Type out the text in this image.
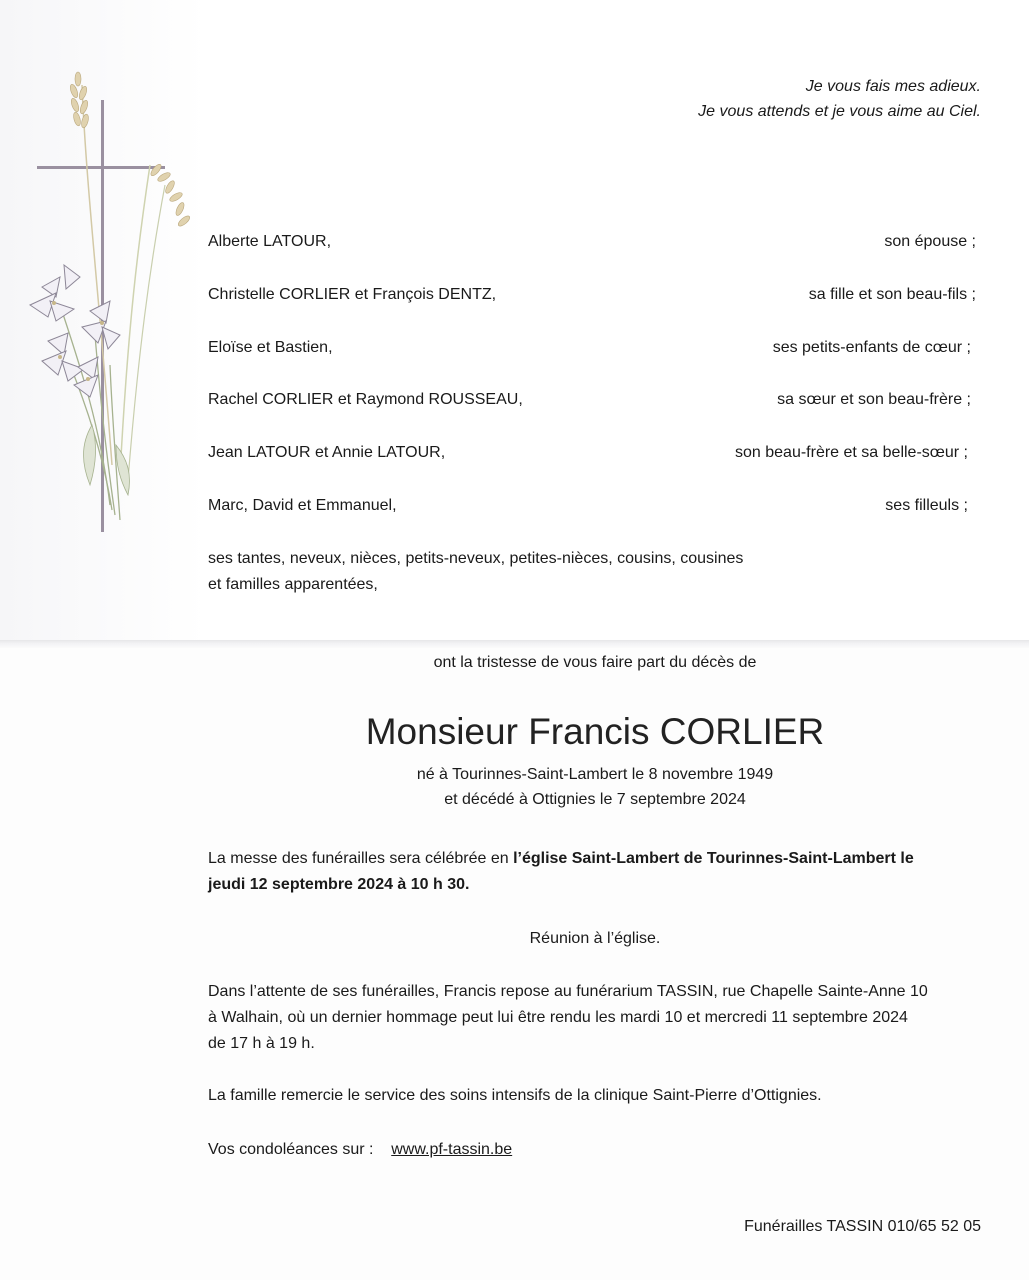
Je vous fais mes adieux.
Je vous attends et je vous aime au Ciel.
Alberte LATOUR,	son épouse ;
Christelle CORLIER et François DENTZ,	sa fille et son beau-fils ;
Eloïse et Bastien,	ses petits-enfants de cœur ;
Rachel CORLIER et Raymond ROUSSEAU,	sa sœur et son beau-frère ;
Jean LATOUR et Annie LATOUR,	son beau-frère et sa belle-sœur ;
Marc, David et Emmanuel,	ses filleuls ;
ses tantes, neveux, nièces, petits-neveux, petites-nièces, cousins, cousines
et familles apparentées,
ont la tristesse de vous faire part du décès de
Monsieur Francis CORLIER
né à Tourinnes-Saint-Lambert le 8 novembre 1949
et décédé à Ottignies le 7 septembre 2024
La messe des funérailles sera célébrée en l’église Saint-Lambert de Tourinnes-Saint-Lambert le
jeudi 12 septembre 2024 à 10 h 30.
Réunion à l’église.
Dans l’attente de ses funérailles, Francis repose au funérarium TASSIN, rue Chapelle Sainte-Anne 10
à Walhain, où un dernier hommage peut lui être rendu les mardi 10 et mercredi 11 septembre 2024
de 17 h à 19 h.
La famille remercie le service des soins intensifs de la clinique Saint-Pierre d’Ottignies.
Vos condoléances sur : www.pf-tassin.be
Funérailles TASSIN 010/65 52 05
